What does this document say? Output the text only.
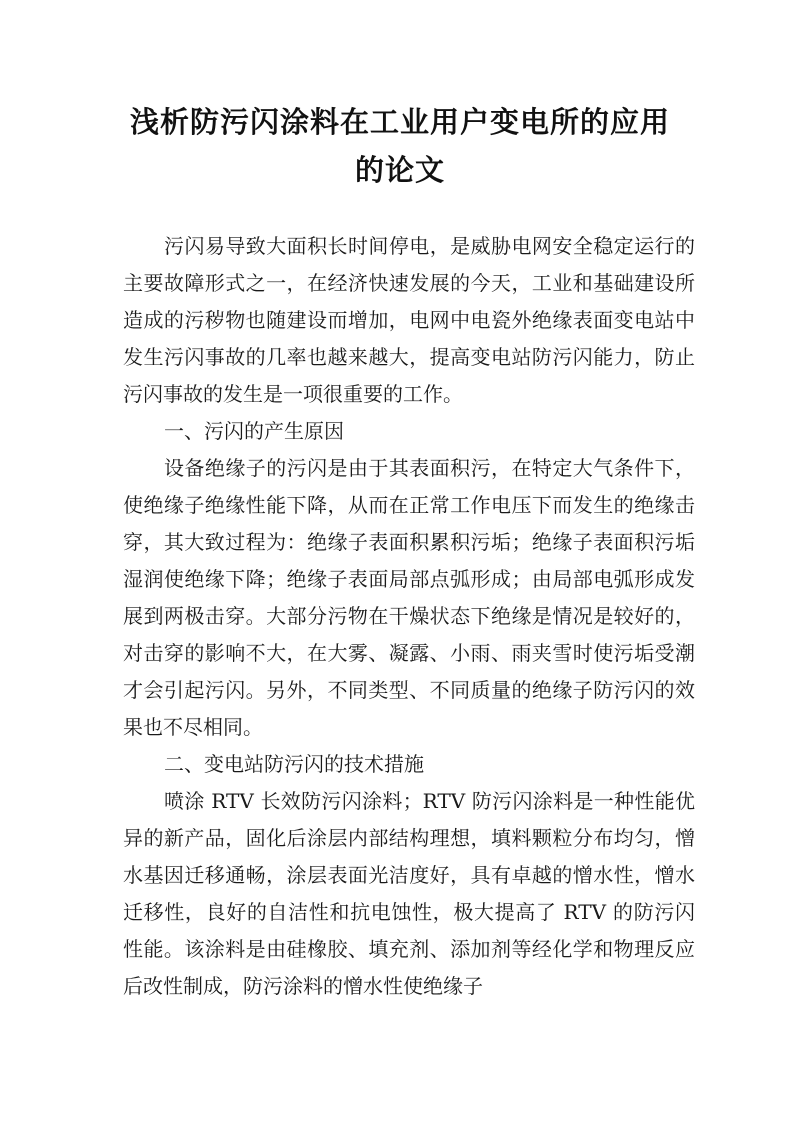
浅析防污闪涂料在工业用户变电所的应用
的论文

污闪易导致大面积长时间停电，是威胁电网安全稳定运行的主要故障形式之一，在经济快速发展的今天，工业和基础建设所造成的污秽物也随建设而增加，电网中电瓷外绝缘表面变电站中发生污闪事故的几率也越来越大，提高变电站防污闪能力，防止污闪事故的发生是一项很重要的工作。

一、污闪的产生原因

设备绝缘子的污闪是由于其表面积污，在特定大气条件下，使绝缘子绝缘性能下降，从而在正常工作电压下而发生的绝缘击穿，其大致过程为：绝缘子表面积累积污垢；绝缘子表面积污垢湿润使绝缘下降；绝缘子表面局部点弧形成；由局部电弧形成发展到两极击穿。大部分污物在干燥状态下绝缘是情况是较好的，对击穿的影响不大，在大雾、凝露、小雨、雨夹雪时使污垢受潮才会引起污闪。另外，不同类型、不同质量的绝缘子防污闪的效果也不尽相同。

二、变电站防污闪的技术措施

喷涂 RTV 长效防污闪涂料；RTV 防污闪涂料是一种性能优异的新产品，固化后涂层内部结构理想，填料颗粒分布均匀，憎水基因迁移通畅，涂层表面光洁度好，具有卓越的憎水性，憎水迁移性，良好的自洁性和抗电蚀性，极大提高了 RTV 的防污闪性能。该涂料是由硅橡胶、填充剂、添加剂等经化学和物理反应后改性制成，防污涂料的憎水性使绝缘子
